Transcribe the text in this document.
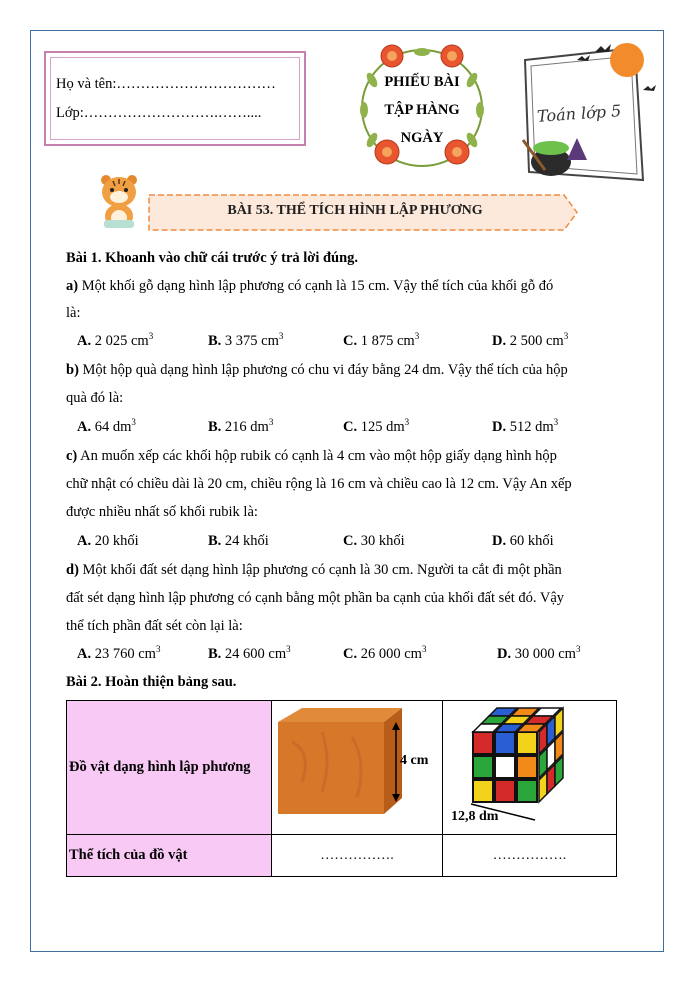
Họ và tên:……………………………
Lớp:……………………….……....
PHIẾU BÀI
TẬP HÀNG
NGÀY
Toán lớp 5
BÀI 53. THỂ TÍCH HÌNH LẬP PHƯƠNG
Bài 1. Khoanh vào chữ cái trước ý trả lời đúng.
a) Một khối gỗ dạng hình lập phương có cạnh là 15 cm. Vậy thể tích của khối gỗ đó
là:
A. 2 025 $cm^3$	B. 3 375 $cm^3$	C. 1 875 $cm^3$	D. 2 500 $cm^3$
b) Một hộp quà dạng hình lập phương có chu vi đáy bằng 24 dm. Vậy thể tích của hộp
quà đó là:
A. 64 $dm^3$	B. 216 $dm^3$	C. 125 $dm^3$	D. 512 $dm^3$
c) An muốn xếp các khối hộp rubik có cạnh là 4 cm vào một hộp giấy dạng hình hộp
chữ nhật có chiều dài là 20 cm, chiều rộng là 16 cm và chiều cao là 12 cm. Vậy An xếp
được nhiều nhất số khối rubik là:
A. 20 khối	B. 24 khối	C. 30 khối	D. 60 khối
d) Một khối đất sét dạng hình lập phương có cạnh là 30 cm. Người ta cắt đi một phần
đất sét dạng hình lập phương có cạnh bằng một phần ba cạnh của khối đất sét đó. Vậy
thể tích phần đất sét còn lại là:
A. 23 760 $cm^3$	B. 24 600 $cm^3$	C. 26 000 $cm^3$	D. 30 000 $cm^3$
Bài 2. Hoàn thiện bảng sau.
Đồ vật dạng hình lập phương	4 cm	12,8 dm

Thể tích của đồ vật	…………….	…………….
